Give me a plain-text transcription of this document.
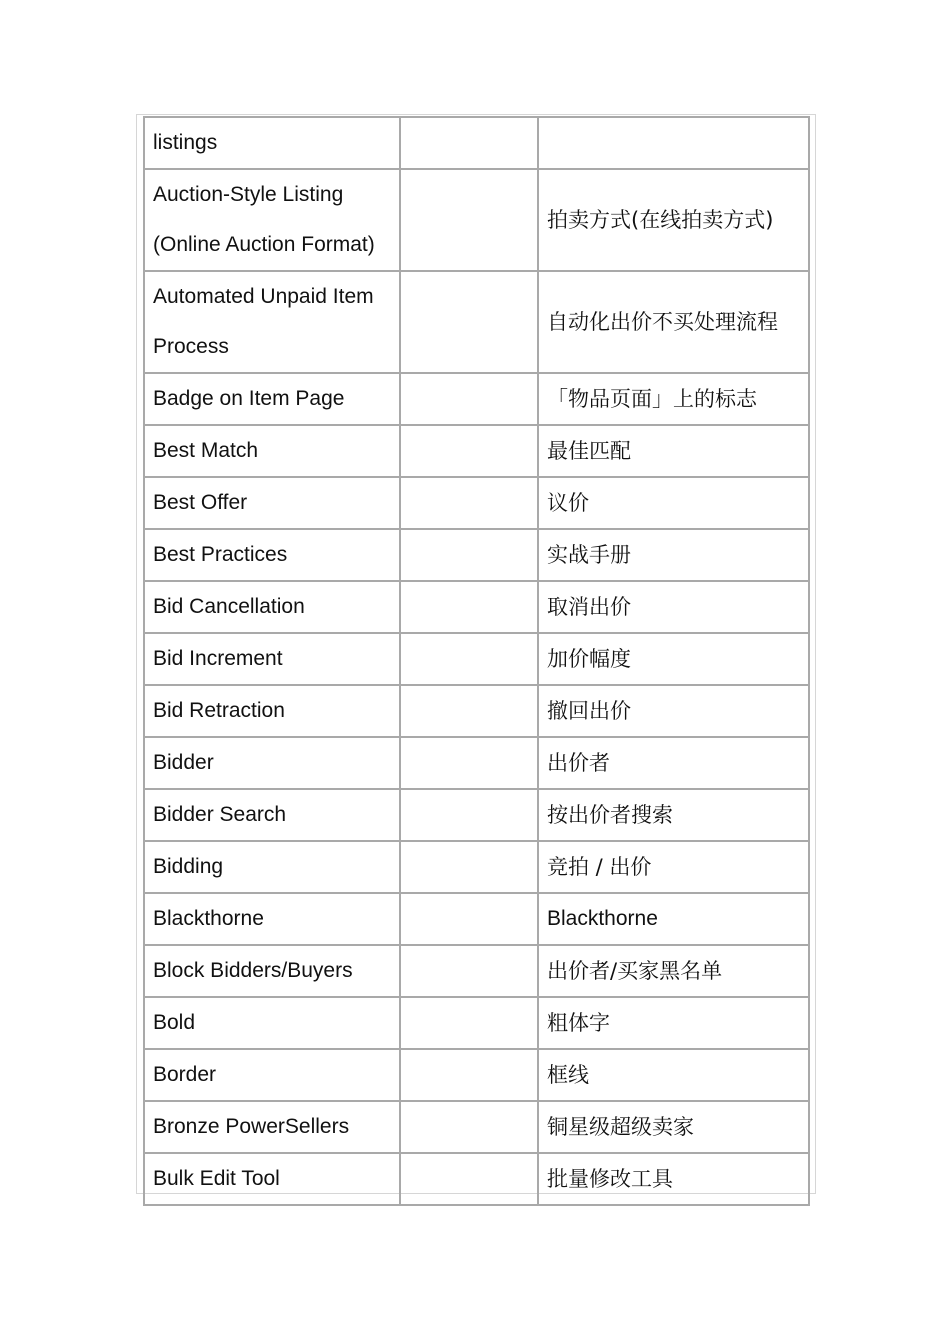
listings		
Auction-Style Listing (Online Auction Format)		拍卖方式(在线拍卖方式)
Automated Unpaid Item Process		自动化出价不买处理流程
Badge on Item Page		「物品页面」上的标志
Best Match		最佳匹配
Best Offer		议价
Best Practices		实战手册
Bid Cancellation		取消出价
Bid Increment		加价幅度
Bid Retraction		撤回出价
Bidder		出价者
Bidder Search		按出价者搜索
Bidding		竞拍 / 出价
Blackthorne		Blackthorne
Block Bidders/Buyers		出价者/买家黑名单
Bold		粗体字
Border		框线
Bronze PowerSellers		铜星级超级卖家
Bulk Edit Tool		批量修改工具
